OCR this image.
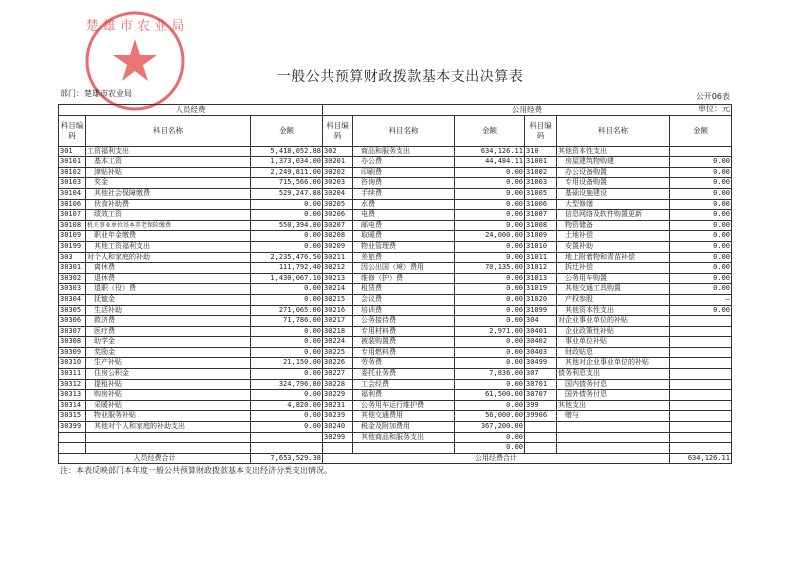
楚 雄 市 农 业 局
一般公共预算财政拨款基本支出决算表
部门：楚雄市农业局	公开06表
单位：元
人员经费			公用经费					
科目编码	科目名称	金额	科目编码	科目名称	金额	科目编码	科目名称	金额
301	工资福利支出	5,418,052.88	302	商品和服务支出	634,126.11	310	其他资本性支出	
30101	基本工资	1,373,034.00	30201	办公费	44,484.11	31001	房屋建筑物购建	0.00
30102	津贴补贴	2,249,811.00	30202	印刷费	0.00	31002	办公设备购置	0.00
30103	奖金	715,566.00	30203	咨询费	0.00	31003	专用设备购置	0.00
30104	其他社会保障缴费	529,247.88	30204	手续费	0.00	31005	基础设施建设	0.00
30106	伙食补助费	0.00	30205	水费	0.00	31006	大型修缮	0.00
30107	绩效工资	0.00	30206	电费	0.00	31007	信息网络及软件购置更新	0.00
30108	机关事业单位基本养老保险缴费	550,394.00	30207	邮电费	0.00	31008	物资储备	0.00
30109	职业年金缴费	0.00	30208	取暖费	24,000.00	31009	土地补偿	0.00
30199	其他工资福利支出	0.00	30209	物业管理费	0.00	31010	安置补助	0.00
303	对个人和家庭的补助	2,235,476.50	30211	差旅费	0.00	31011	地上附着物和青苗补偿	0.00
30301	离休费	111,792.40	30212	因公出国（境）费用	70,135.00	31012	拆迁补偿	0.00
30302	退休费	1,430,067.10	30213	维修（护）费	0.00	31013	公务用车购置	0.00
30303	退职（役）费	0.00	30214	租赁费	0.00	31019	其他交通工具购置	0.00
30304	抚恤金	0.00	30215	会议费	0.00	31020	产权参股	—
30305	生活补助	271,065.00	30216	培训费	0.00	31099	其他资本性支出	0.00
30306	救济费	71,786.00	30217	公务接待费	0.00	304	对企业事业单位的补贴	
30307	医疗费	0.00	30218	专用材料费	2,971.00	30401	企业政策性补贴	
30308	助学金	0.00	30224	被装购置费	0.00	30402	事业单位补贴	
30309	奖励金	0.00	30225	专用燃料费	0.00	30403	财政贴息	
30310	生产补贴	21,150.00	30226	劳务费	0.00	30499	其他对企业事业单位的补贴	
30311	住房公积金	0.00	30227	委托业务费	7,836.00	307	债务利息支出	
30312	提租补贴	324,796.00	30228	工会经费	0.00	30701	国内债务付息	
30313	购房补贴	0.00	30229	福利费	61,500.00	30707	国外债务付息	
30314	采暖补贴	4,820.00	30231	公务用车运行维护费	0.00	399	其他支出	
30315	物业服务补贴	0.00	30239	其他交通费用	56,000.00	39906	赠与	
30399	其他对个人和家庭的补助支出	0.00	30240	税金及附加费用	367,200.00			
			30299	其他商品和服务支出	0.00			
					0.00			
人员经费合计		7,653,529.38	公用经费合计					634,126.11
注：本表反映部门本年度一般公共预算财政拨款基本支出经济分类支出情况。
